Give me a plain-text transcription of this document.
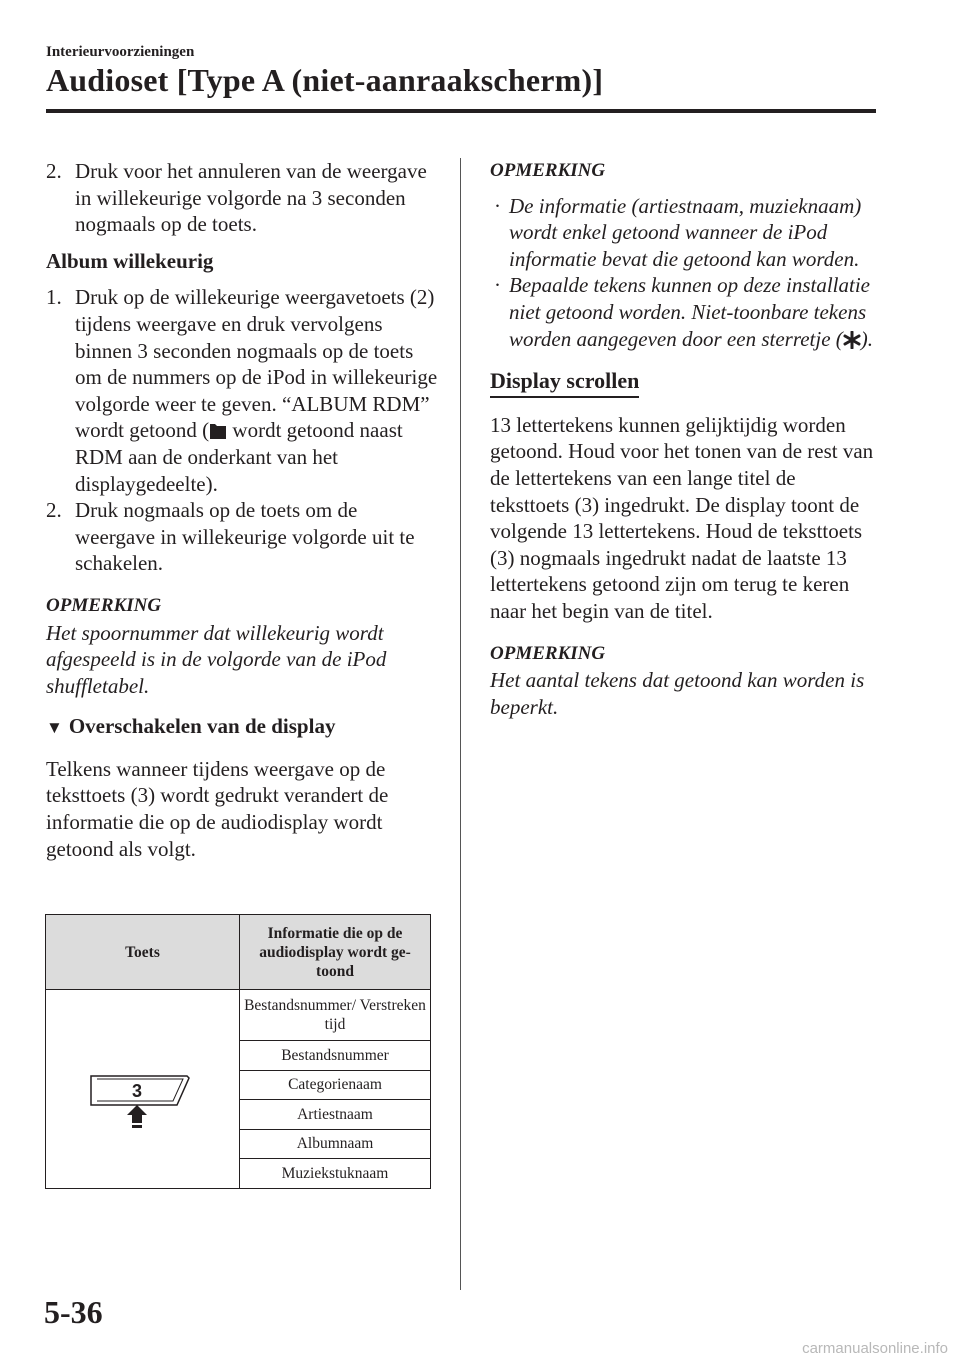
Interieurvoorzieningen
Audioset [Type A (niet-aanraakscherm)]
2. Druk voor het annuleren van de weergave in willekeurige volgorde na 3 seconden nogmaals op de toets.
Album willekeurig
1. Druk op de willekeurige weergavetoets (2) tijdens weergave en druk vervolgens binnen 3 seconden nogmaals op de toets om de nummers op de iPod in willekeurige volgorde weer te geven. “ALBUM RDM” wordt getoond ( wordt getoond naast RDM aan de onderkant van het displaygedeelte).
2. Druk nogmaals op de toets om de weergave in willekeurige volgorde uit te schakelen.
OPMERKING
Het spoornummer dat willekeurig wordt afgespeeld is in de volgorde van de iPod shuffletabel.
▼ Overschakelen van de display
Telkens wanneer tijdens weergave op de teksttoets (3) wordt gedrukt verandert de informatie die op de audiodisplay wordt getoond als volgt.
Toets	Informatie die op de audiodisplay wordt ge-toond

3	Bestandsnummer/ Verstreken tijd
	Bestandsnummer
	Categorienaam
	Artiestnaam
	Albumnaam
	Muziekstuknaam
OPMERKING
· De informatie (artiestnaam, muzieknaam) wordt enkel getoond wanneer de iPod informatie bevat die getoond kan worden.
· Bepaalde tekens kunnen op deze installatie niet getoond worden. Niet-toonbare tekens worden aangegeven door een sterretje ( ).
Display scrollen
13 lettertekens kunnen gelijktijdig worden getoond. Houd voor het tonen van de rest van de lettertekens van een lange titel de teksttoets (3) ingedrukt. De display toont de volgende 13 lettertekens. Houd de teksttoets (3) nogmaals ingedrukt nadat de laatste 13 lettertekens getoond zijn om terug te keren naar het begin van de titel.
OPMERKING
Het aantal tekens dat getoond kan worden is beperkt.
5-36
carmanualsonline.info
